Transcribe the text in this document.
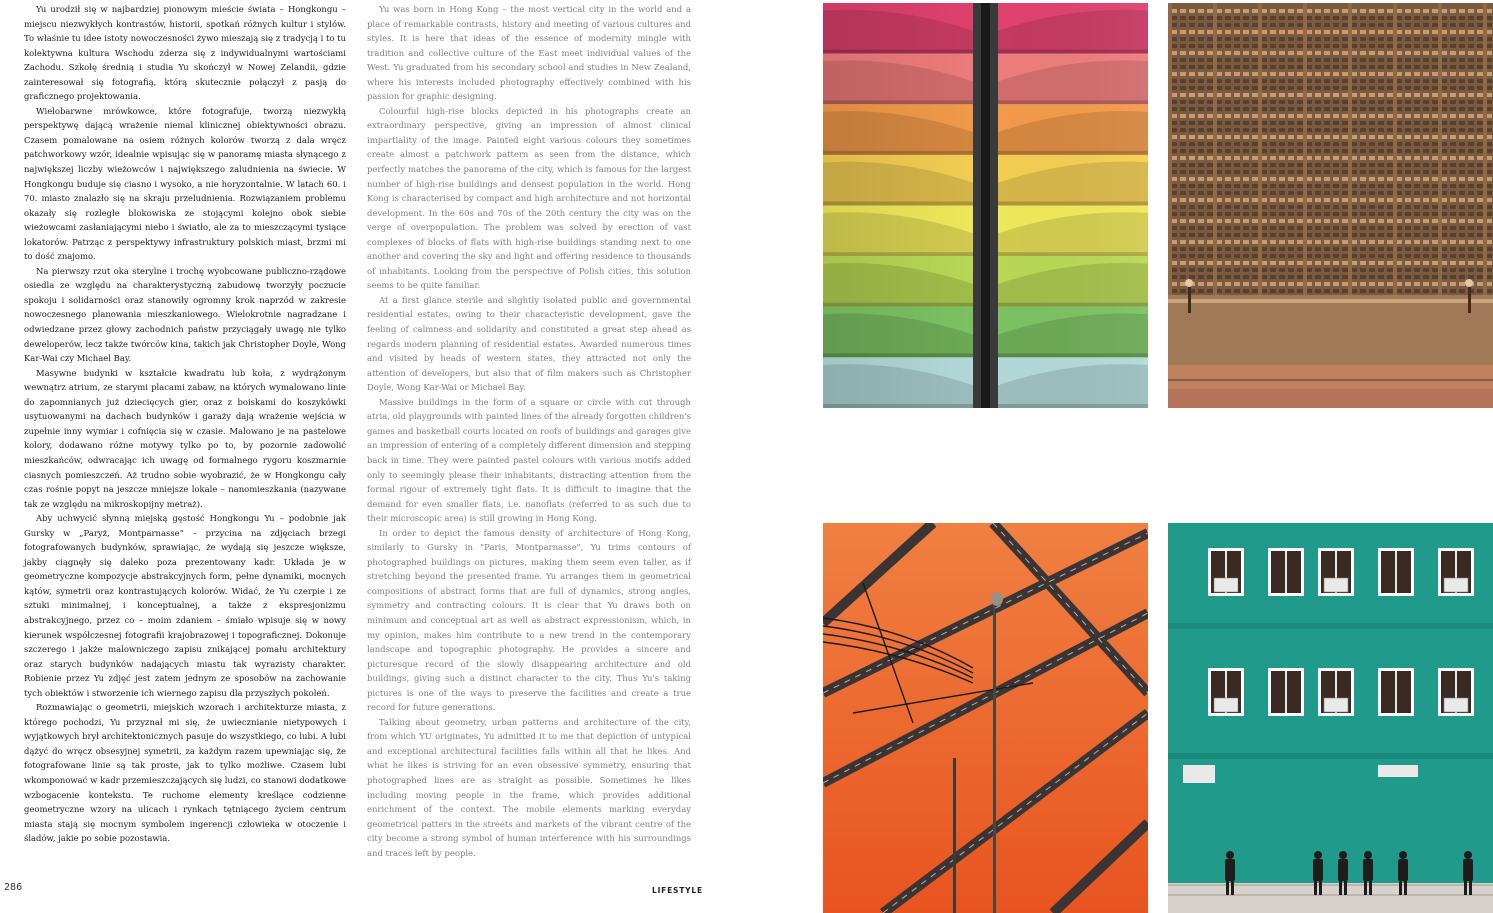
Yu urodził się w najbardziej pionowym mieście świata – Hongkongu – miejscu niezwykłych kontrastów, historii, spotkań różnych kultur i stylów. To właśnie tu idee istoty nowoczesności żywo mieszają się z tradycją i to tu kolektywna kultura Wschodu zderza się z indywidualnymi wartościami Zachodu. Szkołę średnią i studia Yu skończył w Nowej Zelandii, gdzie zainteresował się fotografią, którą skutecznie połączył z pasją do graficznego projektowania.

Wielobarwne mrówkowce, które fotografuje, tworzą niezwykłą perspektywę dającą wrażenie niemal klinicznej obiektywności obrazu. Czasem pomalowane na osiem różnych kolorów tworzą z dala wręcz patchworkowy wzór, idealnie wpisując się w panoramę miasta słynącego z największej liczby wieżowców i największego zaludnienia na świecie. W Hongkongu buduje się ciasno i wysoko, a nie horyzontalnie. W latach 60. i 70. miasto znalazło się na skraju przeludnienia. Rozwiązaniem problemu okazały się rozległe blokowiska ze stojącymi kolejno obok siebie wieżowcami zasłaniającymi niebo i światło, ale za to mieszczącymi tysiące lokatorów. Patrząc z perspektywy infrastruktury polskich miast, brzmi mi to dość znajomo.

Na pierwszy rzut oka sterylne i trochę wyobcowane publiczno-rządowe osiedla ze względu na charakterystyczną zabudowę tworzyły poczucie spokoju i solidarności oraz stanowiły ogromny krok naprzód w zakresie nowoczesnego planowania mieszkaniowego. Wielokrotnie nagradzane i odwiedzane przez głowy zachodnich państw przyciągały uwagę nie tylko deweloperów, lecz także twórców kina, takich jak Christopher Doyle, Wong Kar-Wai czy Michael Bay.

Masywne budynki w kształcie kwadratu lub koła, z wydrążonym wewnątrz atrium, ze starymi placami zabaw, na których wymalowano linie do zapomnianych już dziecięcych gier, oraz z boiskami do koszykówki usytuowanymi na dachach budynków i garaży dają wrażenie wejścia w zupełnie inny wymiar i cofnięcia się w czasie. Malowano je na pastelowe kolory, dodawano różne motywy tylko po to, by pozornie zadowolić mieszkańców, odwracając ich uwagę od formalnego rygoru koszmarnie ciasnych pomieszczeń. Aż trudno sobie wyobrazić, że w Hongkongu cały czas rośnie popyt na jeszcze mniejsze lokale – nanomieszkania (nazywane tak ze względu na mikroskopijny metraż).

Aby uchwycić słynną miejską gęstość Hongkongu Yu – podobnie jak Gursky w „Paryż, Montparnasse” – przycina na zdjęciach brzegi fotografowanych budynków, sprawiając, że wydają się jeszcze większe, jakby ciągnęły się daleko poza prezentowany kadr. Układa je w geometryczne kompozycje abstrakcyjnych form, pełne dynamiki, mocnych kątów, symetrii oraz kontrastujących kolorów. Widać, że Yu czerpie i ze sztuki minimalnej, i konceptualnej, a także z ekspresjonizmu abstrakcyjnego, przez co – moim zdaniem – śmiało wpisuje się w nowy kierunek współczesnej fotografii krajobrazowej i topograficznej. Dokonuje szczerego i jakże malowniczego zapisu znikającej pomału architektury oraz starych budynków nadających miastu tak wyrazisty charakter. Robienie przez Yu zdjęć jest zatem jednym ze sposobów na zachowanie tych obiektów i stworzenie ich wiernego zapisu dla przyszłych pokoleń.

Rozmawiając o geometrii, miejskich wzorach i architekturze miasta, z którego pochodzi, Yu przyznał mi się, że uwiecznianie nietypowych i wyjątkowych brył architektonicznych pasuje do wszystkiego, co lubi. A lubi dążyć do wręcz obsesyjnej symetrii, za każdym razem upewniając się, że fotografowane linie są tak proste, jak to tylko możliwe. Czasem lubi wkomponować w kadr przemieszczających się ludzi, co stanowi dodatkowe wzbogacenie kontekstu. Te ruchome elementy kreślące codzienne geometryczne wzory na ulicach i rynkach tętniącego życiem centrum miasta stają się mocnym symbolem ingerencji człowieka w otoczenie i śladów, jakie po sobie pozostawia.

Yu was born in Hong Kong – the most vertical city in the world and a place of remarkable contrasts, history and meeting of various cultures and styles. It is here that ideas of the essence of modernity mingle with tradition and collective culture of the East meet individual values of the West. Yu graduated from his secondary school and studies in New Zealand, where his interests included photography effectively combined with his passion for graphic designing.

Colourful high-rise blocks depicted in his photographs create an extraordinary perspective, giving an impression of almost clinical impartiality of the image. Painted eight various colours they sometimes create almost a patchwork pattern as seen from the distance, which perfectly matches the panorama of the city, which is famous for the largest number of high-rise buildings and densest population in the world. Hong Kong is characterised by compact and high architecture and not horizontal development. In the 60s and 70s of the 20th century the city was on the verge of overpopulation. The problem was solved by erection of vast complexes of blocks of flats with high-rise buildings standing next to one another and covering the sky and light and offering residence to thousands of inhabitants. Looking from the perspective of Polish cities, this solution seems to be quite familiar.

At a first glance sterile and slightly isolated public and governmental residential estates, owing to their characteristic development, gave the feeling of calmness and solidarity and constituted a great step ahead as regards modern planning of residential estates. Awarded numerous times and visited by heads of western states, they attracted not only the attention of developers, but also that of film makers such as Christopher Doyle, Wong Kar-Wai or Michael Bay.

Massive buildings in the form of a square or circle with cut through atria, old playgrounds with painted lines of the already forgotten children's games and basketball courts located on roofs of buildings and garages give an impression of entering of a completely different dimension and stepping back in time. They were painted pastel colours with various motifs added only to seemingly please their inhabitants, distracting attention from the formal rigour of extremely tight flats. It is difficult to imagine that the demand for even smaller flats, i.e. nanoflats (referred to as such due to their microscopic area) is still growing in Hong Kong.

In order to depict the famous density of architecture of Hong Kong, similarly to Gursky in "Paris, Montparnasse", Yu trims contours of photographed buildings on pictures, making them seem even taller, as if stretching beyond the presented frame. Yu arranges them in geometrical compositions of abstract forms that are full of dynamics, strong angles, symmetry and contracting colours. It is clear that Yu draws both on minimum and conceptual art as well as abstract expressionism, which, in my opinion, makes him contribute to a new trend in the contemporary landscape and topographic photography. He provides a sincere and picturesque record of the slowly disappearing architecture and old buildings, giving such a distinct character to the city. Thus Yu's taking pictures is one of the ways to preserve the facilities and create a true record for future generations.

Talking about geometry, urban patterns and architecture of the city, from which YU originates, Yu admitted it to me that depiction of untypical and exceptional architectural facilities falls within all that he likes. And what he likes is striving for an even obsessive symmetry, ensuring that photographed lines are as straight as possible. Sometimes he likes including moving people in the frame, which provides additional enrichment of the context. The mobile elements marking everyday geometrical patters in the streets and markets of the vibrant centre of the city become a strong symbol of human interference with his surroundings and traces left by people.

286	LIFESTYLE
